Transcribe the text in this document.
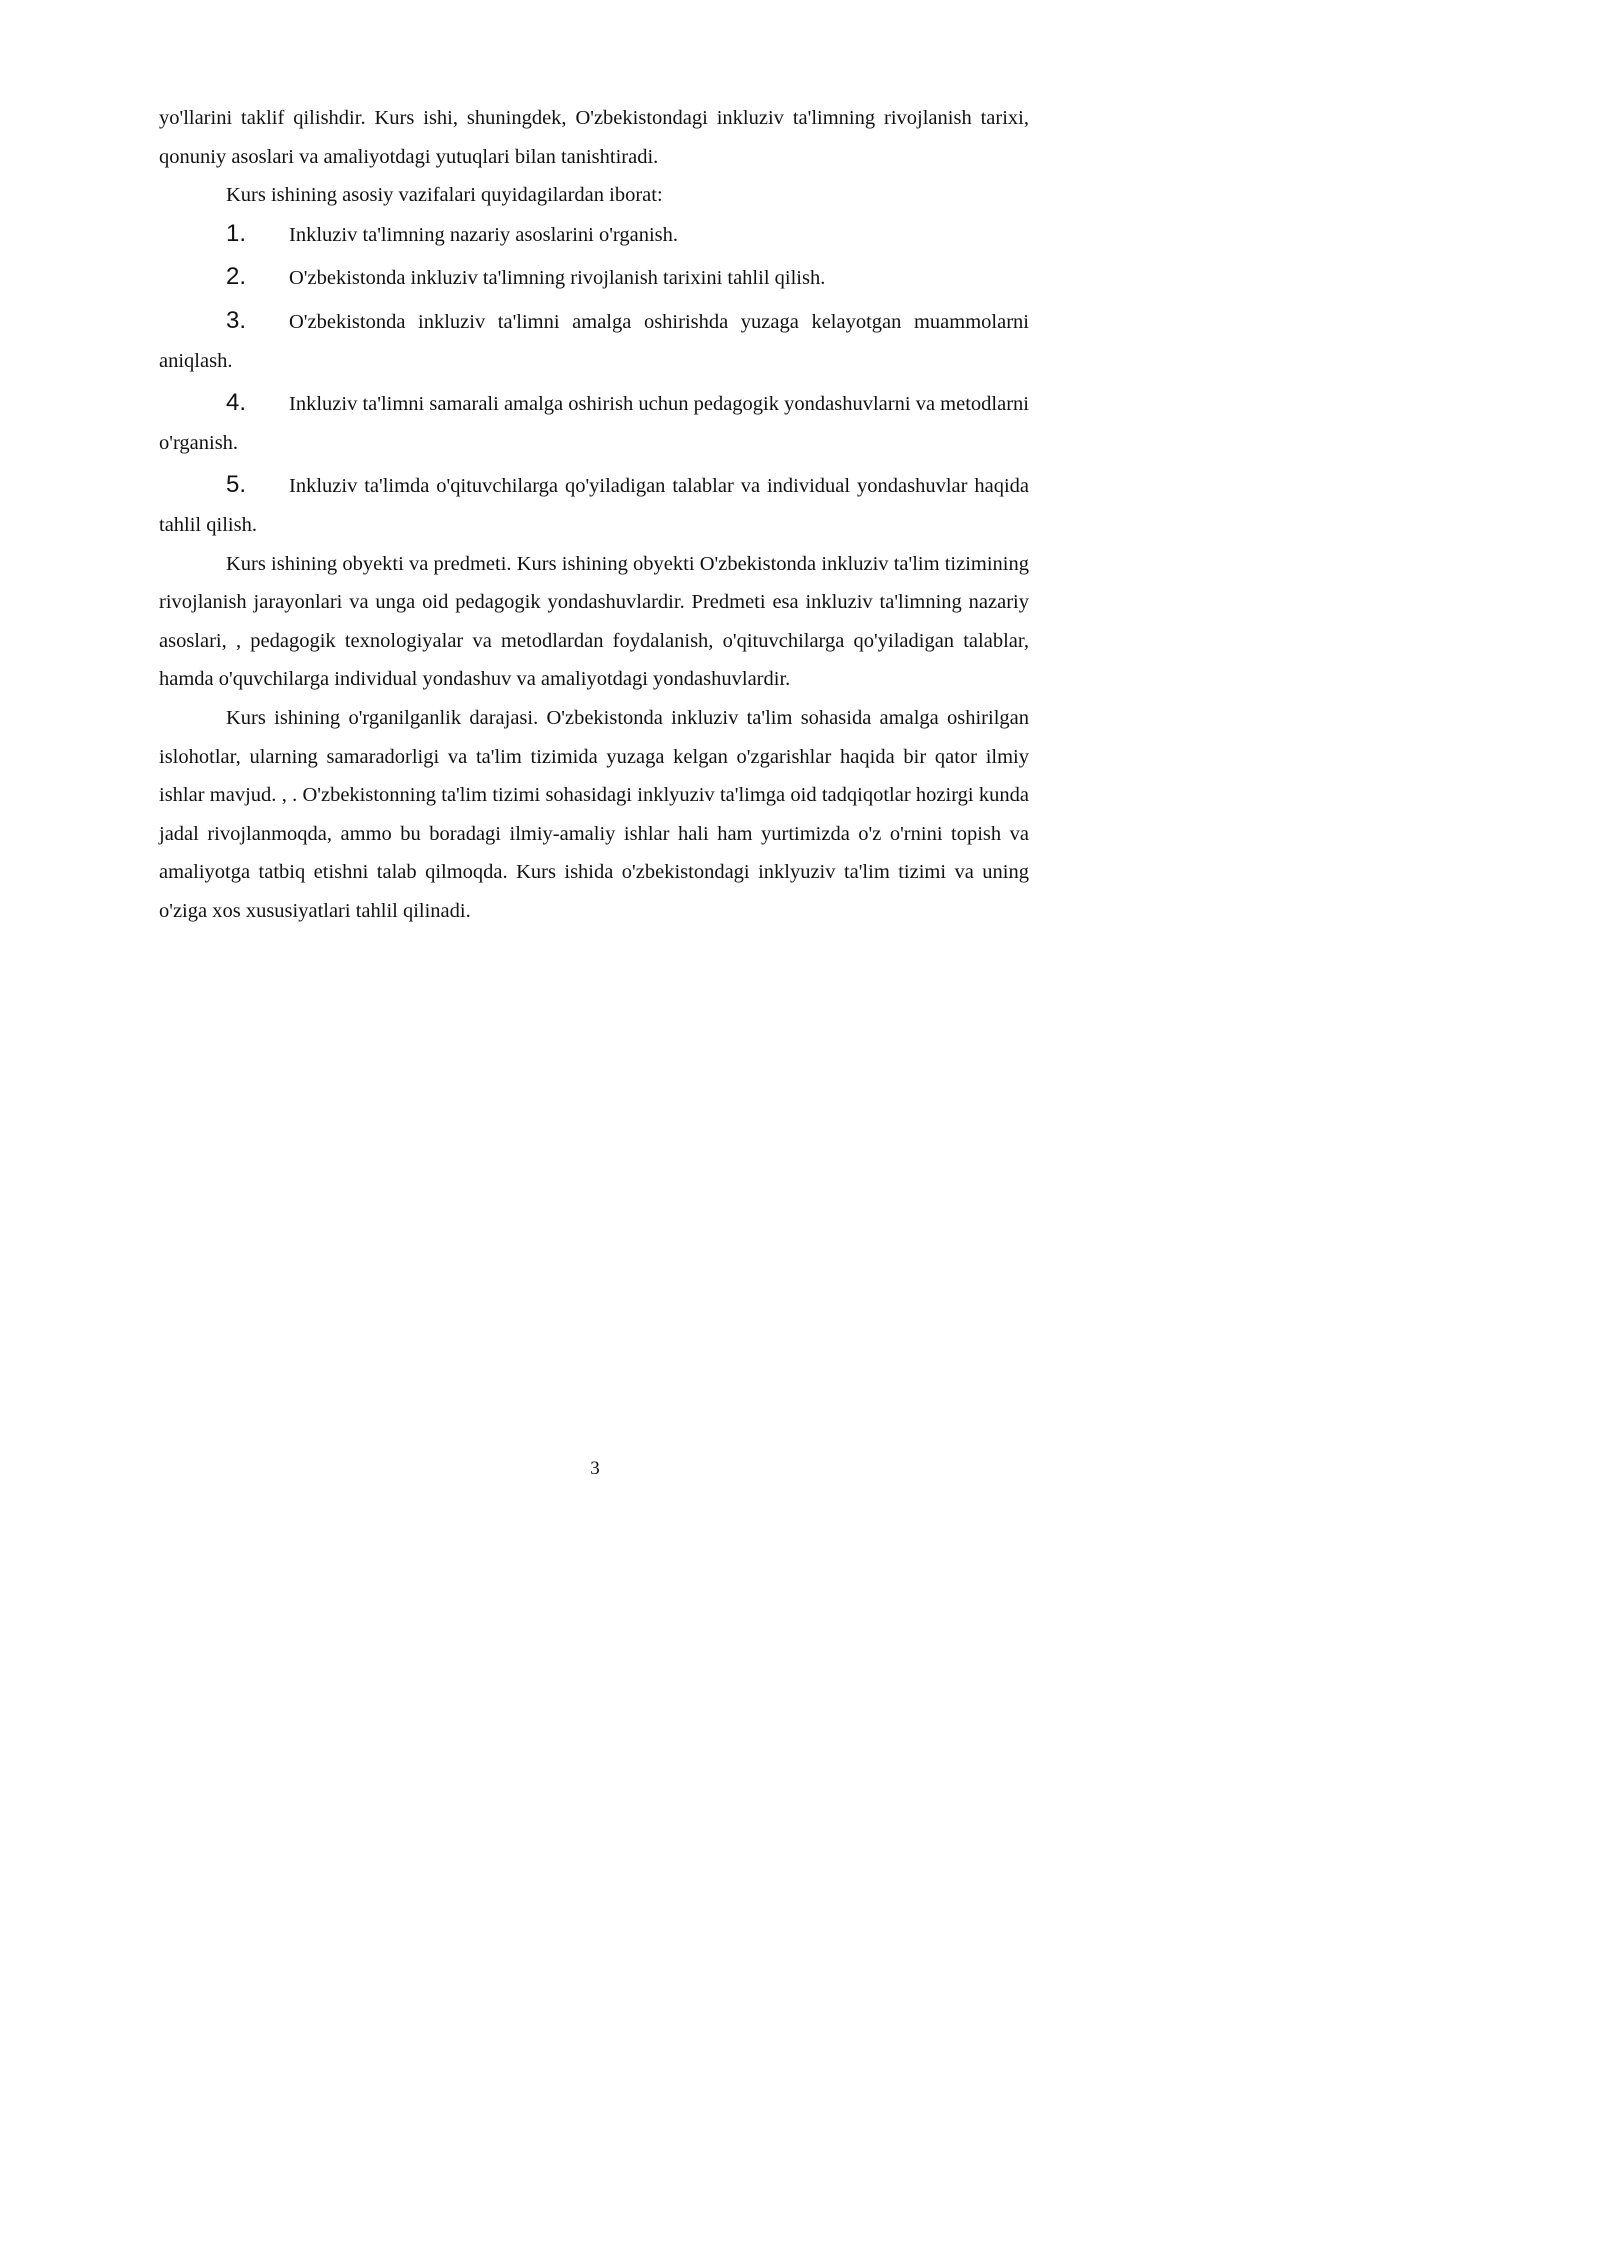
yo'llarini taklif qilishdir. Kurs ishi, shuningdek, O'zbekistondagi inkluziv ta'limning rivojlanish tarixi, qonuniy asoslari va amaliyotdagi yutuqlari bilan tanishtiradi.

Kurs ishining asosiy vazifalari quyidagilardan iborat:

1. Inkluziv ta'limning nazariy asoslarini o'rganish.

2. O'zbekistonda inkluziv ta'limning rivojlanish tarixini tahlil qilish.

3. O'zbekistonda inkluziv ta'limni amalga oshirishda yuzaga kelayotgan muammolarni aniqlash.

4. Inkluziv ta'limni samarali amalga oshirish uchun pedagogik yondashuvlarni va metodlarni o'rganish.

5. Inkluziv ta'limda o'qituvchilarga qo'yiladigan talablar va individual yondashuvlar haqida tahlil qilish.

Kurs ishining obyekti va predmeti. Kurs ishining obyekti O'zbekistonda inkluziv ta'lim tizimining rivojlanish jarayonlari va unga oid pedagogik yondashuvlardir. Predmeti esa inkluziv ta'limning nazariy asoslari, , pedagogik texnologiyalar va metodlardan foydalanish, o'qituvchilarga qo'yiladigan talablar, hamda o'quvchilarga individual yondashuv va amaliyotdagi yondashuvlardir.

Kurs ishining o'rganilganlik darajasi. O'zbekistonda inkluziv ta'lim sohasida amalga oshirilgan islohotlar, ularning samaradorligi va ta'lim tizimida yuzaga kelgan o'zgarishlar haqida bir qator ilmiy ishlar mavjud. , . O'zbekistonning ta'lim tizimi sohasidagi inklyuziv ta'limga oid tadqiqotlar hozirgi kunda jadal rivojlanmoqda, ammo bu boradagi ilmiy-amaliy ishlar hali ham yurtimizda o'z o'rnini topish va amaliyotga tatbiq etishni talab qilmoqda. Kurs ishida o'zbekistondagi inklyuziv ta'lim tizimi va uning o'ziga xos xususiyatlari tahlil qilinadi.

3
